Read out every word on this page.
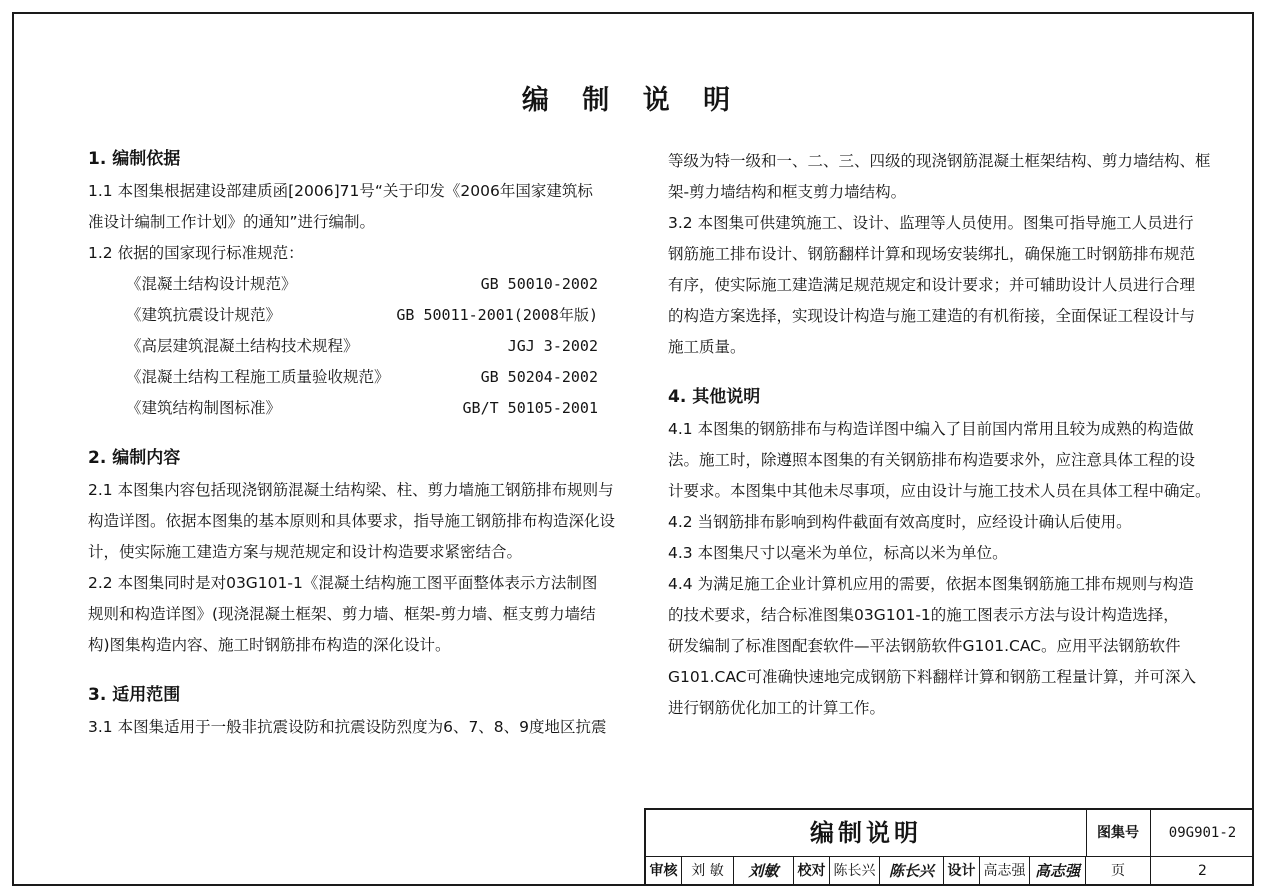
编 制 说 明
1. 编制依据
1.1 本图集根据建设部建质函[2006]71号“关于印发《2006年国家建筑标
准设计编制工作计划》的通知”进行编制。
1.2 依据的国家现行标准规范：
《混凝土结构设计规范》	GB 50010-2002
《建筑抗震设计规范》	GB 50011-2001(2008年版)
《高层建筑混凝土结构技术规程》	JGJ 3-2002
《混凝土结构工程施工质量验收规范》	GB 50204-2002
《建筑结构制图标准》	GB/T 50105-2001
2. 编制内容
2.1 本图集内容包括现浇钢筋混凝土结构梁、柱、剪力墙施工钢筋排布规则与
构造详图。依据本图集的基本原则和具体要求，指导施工钢筋排布构造深化设
计，使实际施工建造方案与规范规定和设计构造要求紧密结合。
2.2 本图集同时是对03G101-1《混凝土结构施工图平面整体表示方法制图
规则和构造详图》(现浇混凝土框架、剪力墙、框架-剪力墙、框支剪力墙结
构)图集构造内容、施工时钢筋排布构造的深化设计。
3. 适用范围
3.1 本图集适用于一般非抗震设防和抗震设防烈度为6、7、8、9度地区抗震
等级为特一级和一、二、三、四级的现浇钢筋混凝土框架结构、剪力墙结构、框
架-剪力墙结构和框支剪力墙结构。
3.2 本图集可供建筑施工、设计、监理等人员使用。图集可指导施工人员进行
钢筋施工排布设计、钢筋翻样计算和现场安装绑扎，确保施工时钢筋排布规范
有序，使实际施工建造满足规范规定和设计要求；并可辅助设计人员进行合理
的构造方案选择，实现设计构造与施工建造的有机衔接，全面保证工程设计与
施工质量。
4. 其他说明
4.1 本图集的钢筋排布与构造详图中编入了目前国内常用且较为成熟的构造做
法。施工时，除遵照本图集的有关钢筋排布构造要求外，应注意具体工程的设
计要求。本图集中其他未尽事项，应由设计与施工技术人员在具体工程中确定。
4.2 当钢筋排布影响到构件截面有效高度时，应经设计确认后使用。
4.3 本图集尺寸以毫米为单位，标高以米为单位。
4.4 为满足施工企业计算机应用的需要，依据本图集钢筋施工排布规则与构造
的技术要求，结合标准图集03G101-1的施工图表示方法与设计构造选择，
研发编制了标准图配套软件—平法钢筋软件G101.CAC。应用平法钢筋软件
G101.CAC可准确快速地完成钢筋下料翻样计算和钢筋工程量计算，并可深入
进行钢筋优化加工的计算工作。
编制说明	图集号	09G901-2
审核 刘 敏	刘敏	校对 陈长兴 陈长兴 设计 高志强 高志强	页	2
